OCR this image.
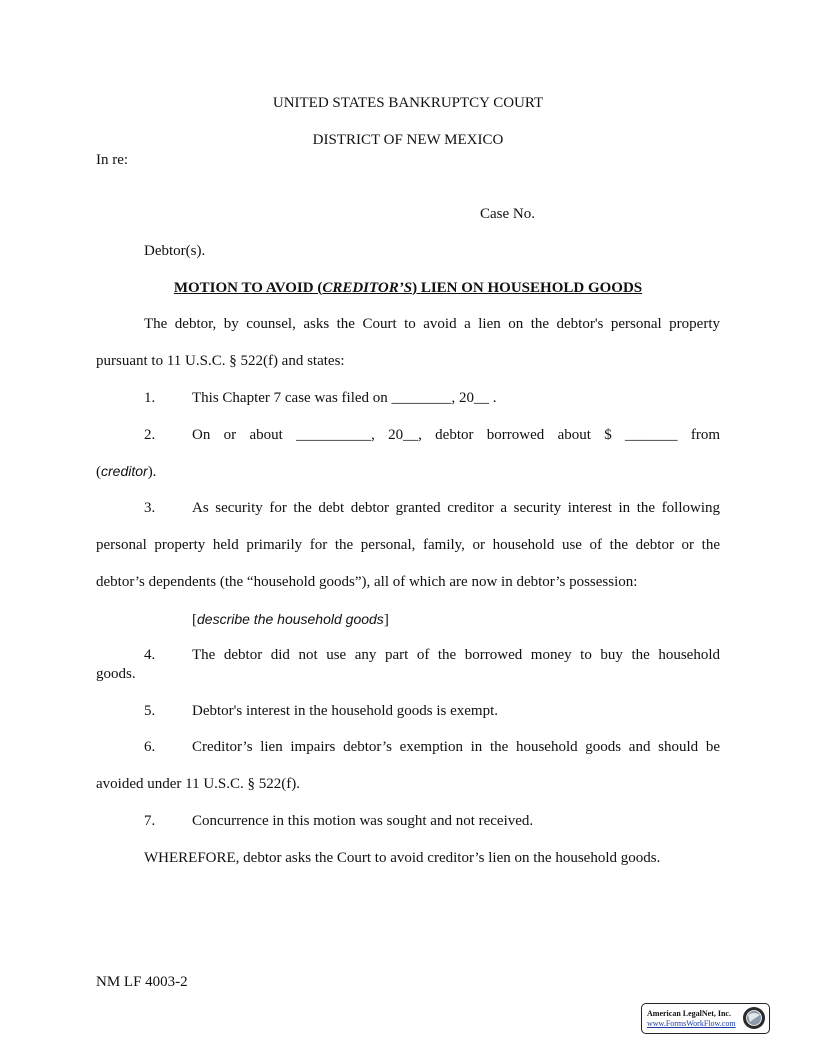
UNITED STATES BANKRUPTCY COURT
DISTRICT OF NEW MEXICO
In re:
Case No.
Debtor(s).
MOTION TO AVOID (CREDITOR’S) LIEN ON HOUSEHOLD GOODS
The debtor, by counsel, asks the Court to avoid a lien on the debtor's personal property
pursuant to 11 U.S.C. § 522(f) and states:
1. This Chapter 7 case was filed on ________, 20__ .
2. On or about __________, 20__, debtor borrowed about $ _______ from
(creditor).
3. As security for the debt debtor granted creditor a security interest in the following
personal property held primarily for the personal, family, or household use of the debtor or the
debtor’s dependents (the “household goods”), all of which are now in debtor’s possession:
[describe the household goods]
4. The debtor did not use any part of the borrowed money to buy the household
goods.
5. Debtor's interest in the household goods is exempt.
6. Creditor’s lien impairs debtor’s exemption in the household goods and should be
avoided under 11 U.S.C. § 522(f).
7. Concurrence in this motion was sought and not received.
WHEREFORE, debtor asks the Court to avoid creditor’s lien on the household goods.
NM LF 4003-2
American LegalNet, Inc.
www.FormsWorkFlow.com
